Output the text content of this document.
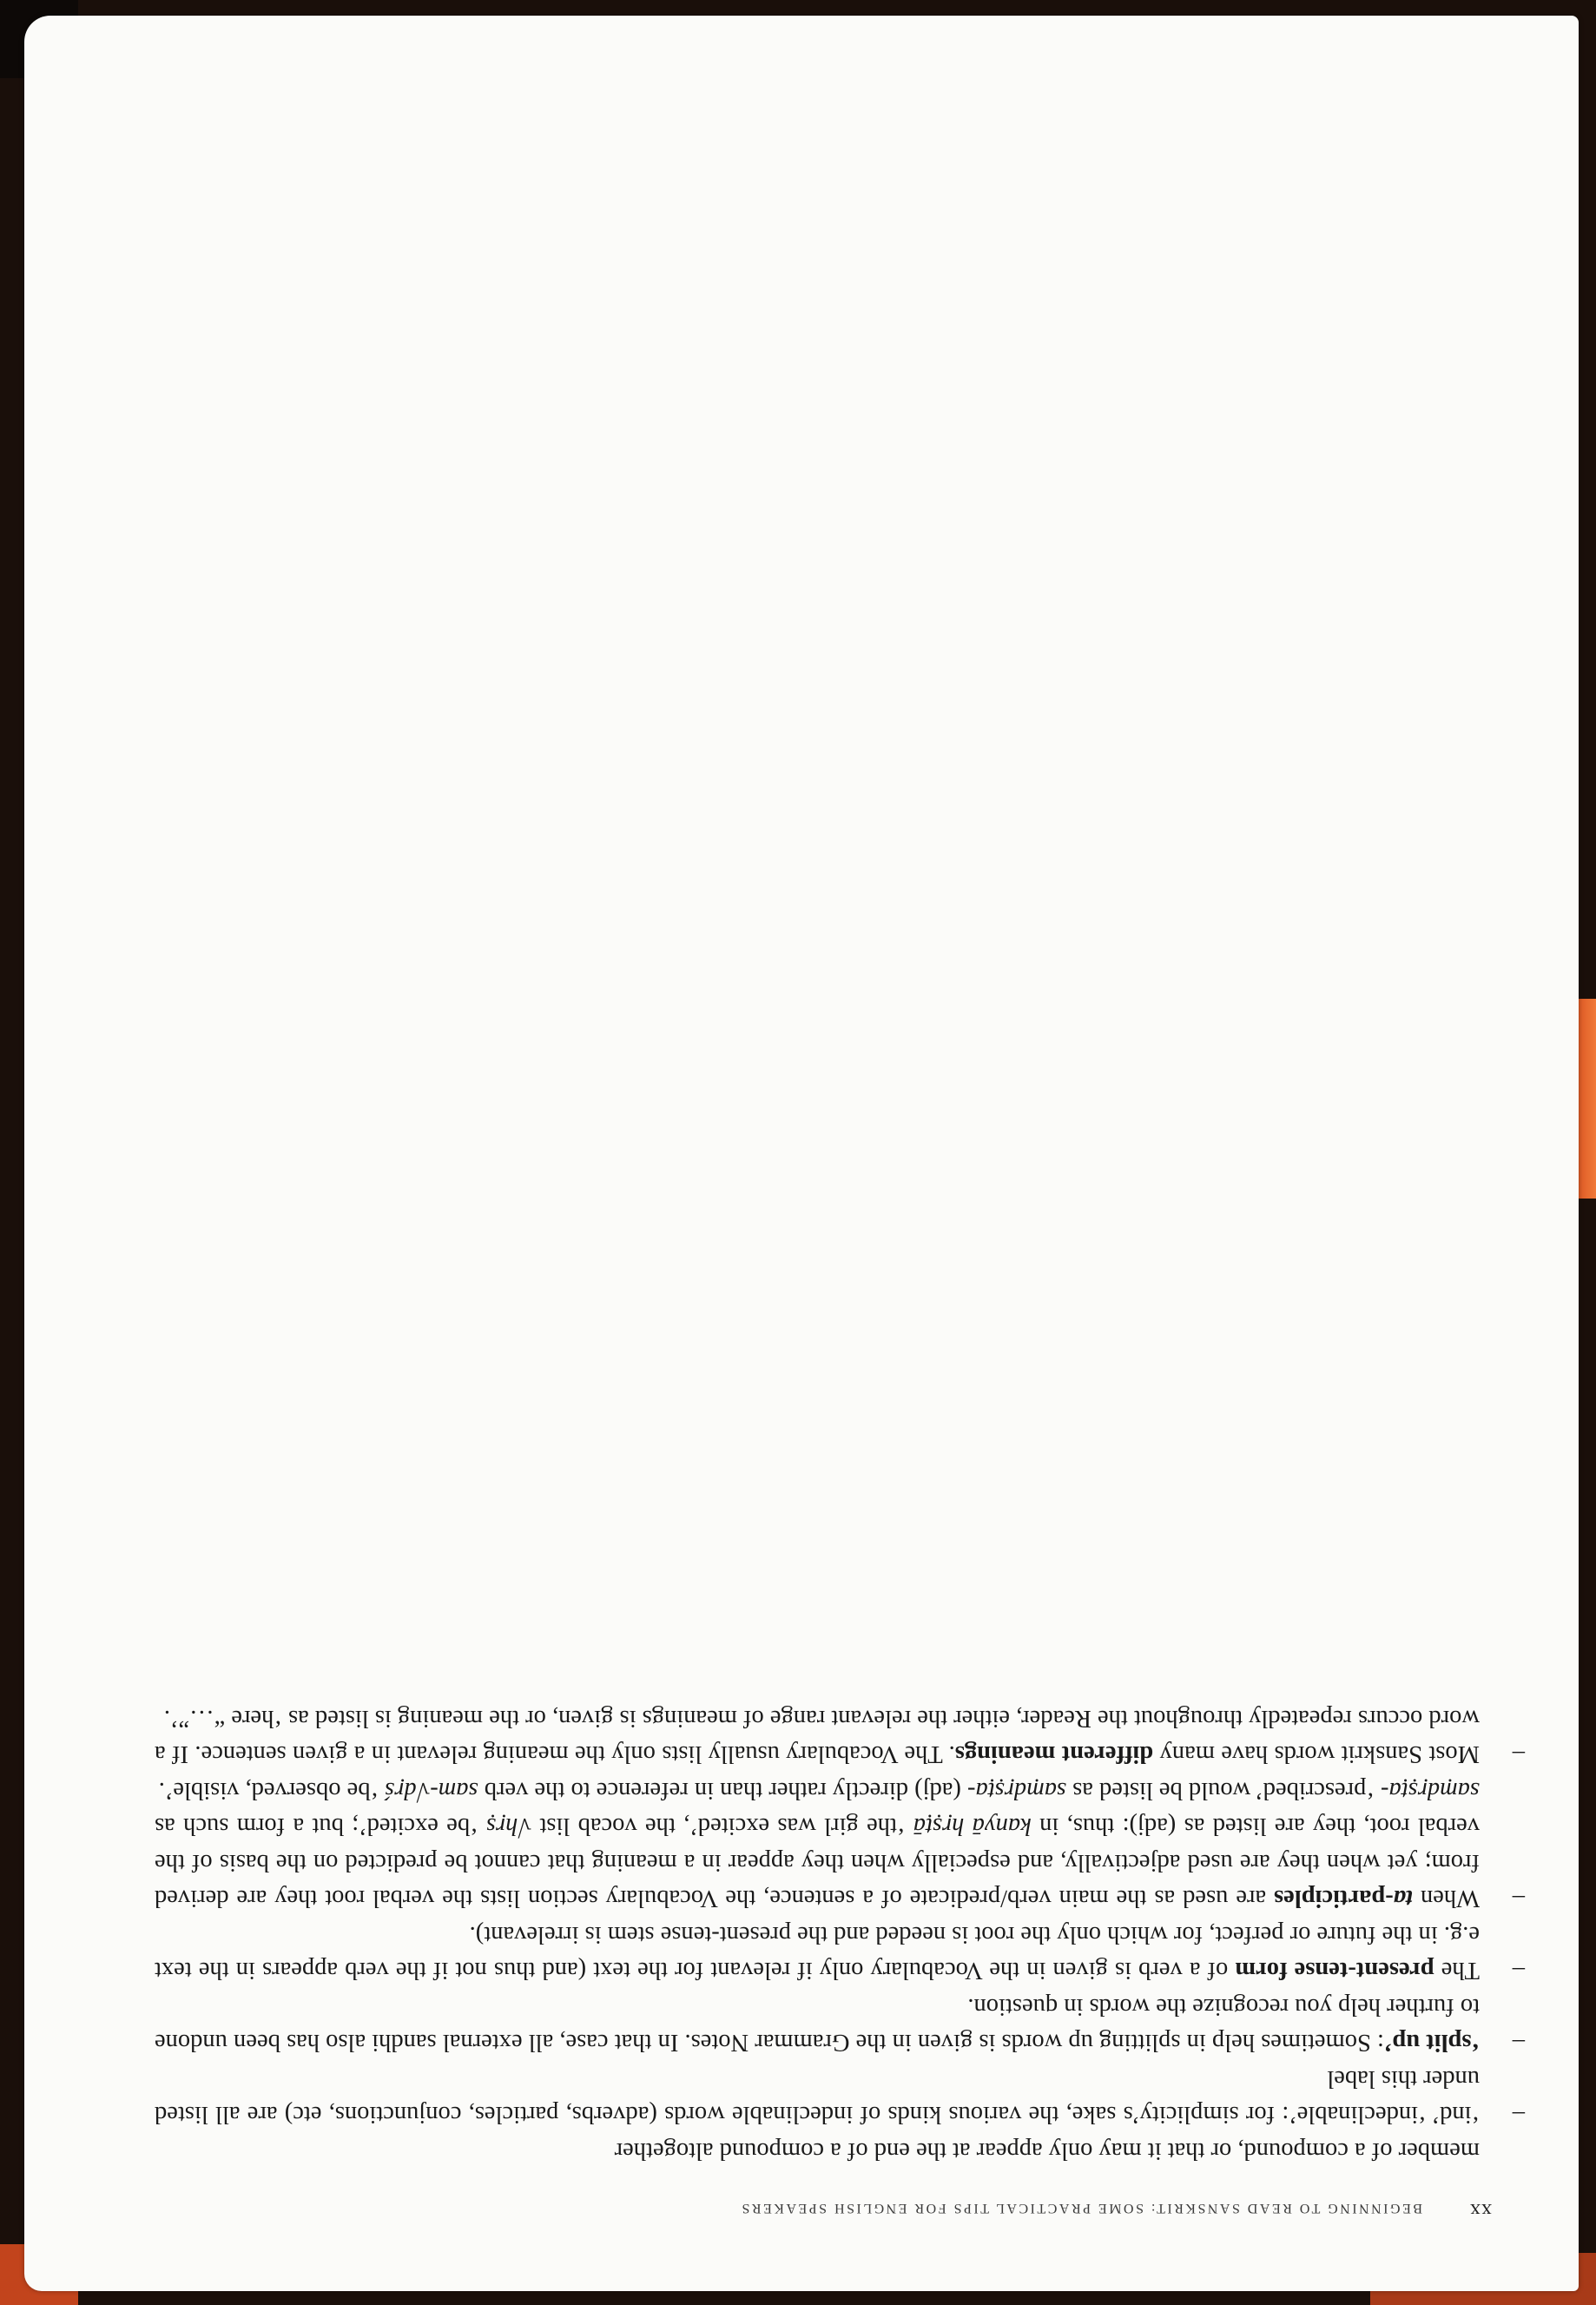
xx
BEGINNING TO READ SANSKRIT: SOME PRACTICAL TIPS FOR ENGLISH SPEAKERS

member of a compound, or that it may only appear at the end of a compound altogether

–
‘ind’ ‘indeclinable’: for simplicity’s sake, the various kinds of indeclinable words (adverbs, particles, conjunctions, etc) are all listed under this label
–
‘split up’: Sometimes help in splitting up words is given in the Grammar Notes. In that case, all external sandhi also has been undone to further help you recognize the words in question.
–
The present-tense form of a verb is given in the Vocabulary only if relevant for the text (and thus not if the verb appears in the text e.g. in the future or perfect, for which only the root is needed and the present-tense stem is irrelevant).
–
When ta-participles are used as the main verb/predicate of a sentence, the Vocabulary section lists the verbal root they are derived from; yet when they are used adjectivally, and especially when they appear in a meaning that cannot be predicted on the basis of the verbal root, they are listed as (adj): thus, in kanyā hṛṣṭā ‘the girl was excited’, the vocab list √hṛṣ ‘be excited’; but a form such as saṃdṛṣṭa- ‘prescribed’ would be listed as saṃdṛṣṭa- (adj) directly rather than in reference to the verb sam-√dṛś ‘be observed, visible’.
–
Most Sanskrit words have many different meanings. The Vocabulary usually lists only the meaning relevant in a given sentence. If a word occurs repeatedly throughout the Reader, either the relevant range of meanings is given, or the meaning is listed as ‘here “…”’.
